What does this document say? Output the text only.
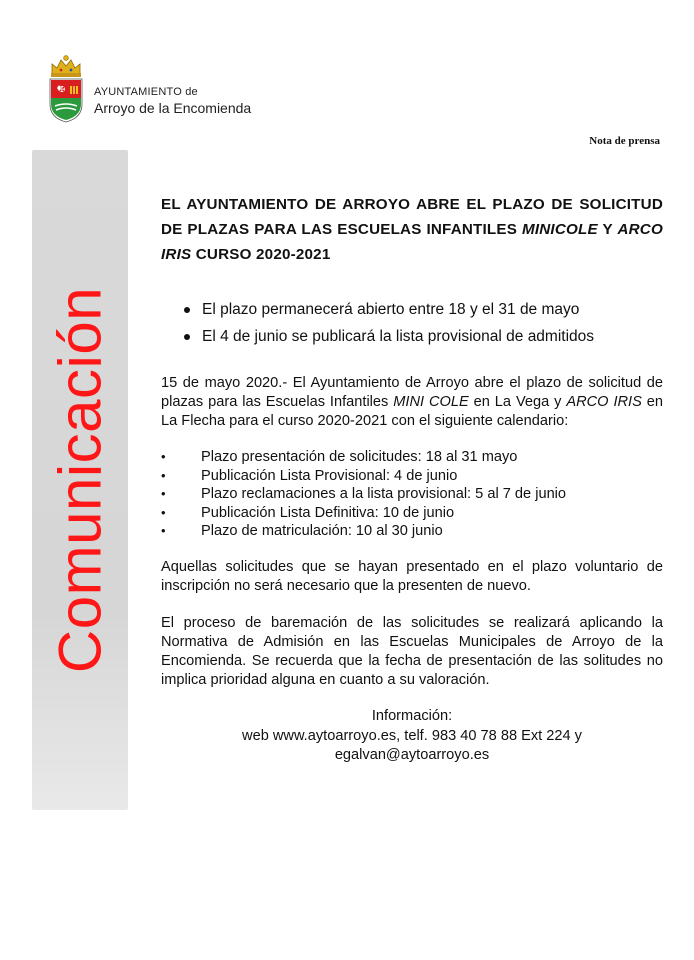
✠	AYUNTAMIENTO de
Arroyo de la Encomienda
Nota de prensa
Comunicación
EL AYUNTAMIENTO DE ARROYO ABRE EL PLAZO DE SOLICITUD DE PLAZAS PARA LAS ESCUELAS INFANTILES MINICOLE Y ARCO IRIS CURSO 2020-2021
El plazo permanecerá abierto entre 18 y el 31 de mayo
El 4 de junio se publicará la lista provisional de admitidos
15 de mayo 2020.- El Ayuntamiento de Arroyo abre el plazo de solicitud de plazas para las Escuelas Infantiles MINI COLE en La Vega y ARCO IRIS en La Flecha para el curso 2020-2021 con el siguiente calendario:
• Plazo presentación de solicitudes: 18 al 31 mayo
• Publicación Lista Provisional: 4 de junio
• Plazo reclamaciones a la lista provisional: 5 al 7 de junio
• Publicación Lista Definitiva: 10 de junio
• Plazo de matriculación: 10 al 30 junio
Aquellas solicitudes que se hayan presentado en el plazo voluntario de inscripción no será necesario que la presenten de nuevo.
El proceso de baremación de las solicitudes se realizará aplicando la Normativa de Admisión en las Escuelas Municipales de Arroyo de la Encomienda. Se recuerda que la fecha de presentación de las solitudes no implica prioridad alguna en cuanto a su valoración.
Información:
web www.aytoarroyo.es, telf. 983 40 78 88 Ext 224 y
egalvan@aytoarroyo.es
